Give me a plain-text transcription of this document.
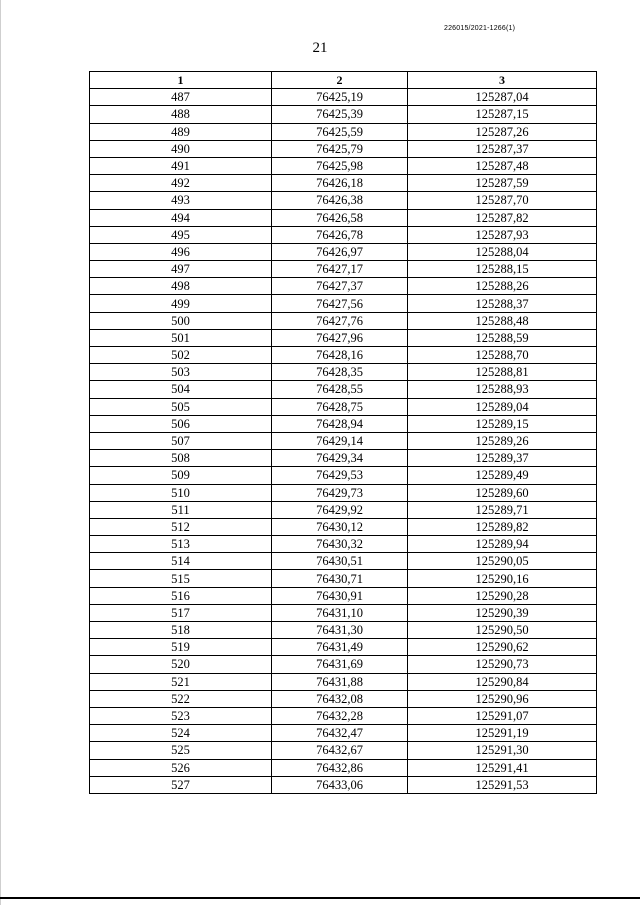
226015/2021-1266(1)
21
1	2	3
487	76425,19	125287,04
488	76425,39	125287,15
489	76425,59	125287,26
490	76425,79	125287,37
491	76425,98	125287,48
492	76426,18	125287,59
493	76426,38	125287,70
494	76426,58	125287,82
495	76426,78	125287,93
496	76426,97	125288,04
497	76427,17	125288,15
498	76427,37	125288,26
499	76427,56	125288,37
500	76427,76	125288,48
501	76427,96	125288,59
502	76428,16	125288,70
503	76428,35	125288,81
504	76428,55	125288,93
505	76428,75	125289,04
506	76428,94	125289,15
507	76429,14	125289,26
508	76429,34	125289,37
509	76429,53	125289,49
510	76429,73	125289,60
511	76429,92	125289,71
512	76430,12	125289,82
513	76430,32	125289,94
514	76430,51	125290,05
515	76430,71	125290,16
516	76430,91	125290,28
517	76431,10	125290,39
518	76431,30	125290,50
519	76431,49	125290,62
520	76431,69	125290,73
521	76431,88	125290,84
522	76432,08	125290,96
523	76432,28	125291,07
524	76432,47	125291,19
525	76432,67	125291,30
526	76432,86	125291,41
527	76433,06	125291,53
